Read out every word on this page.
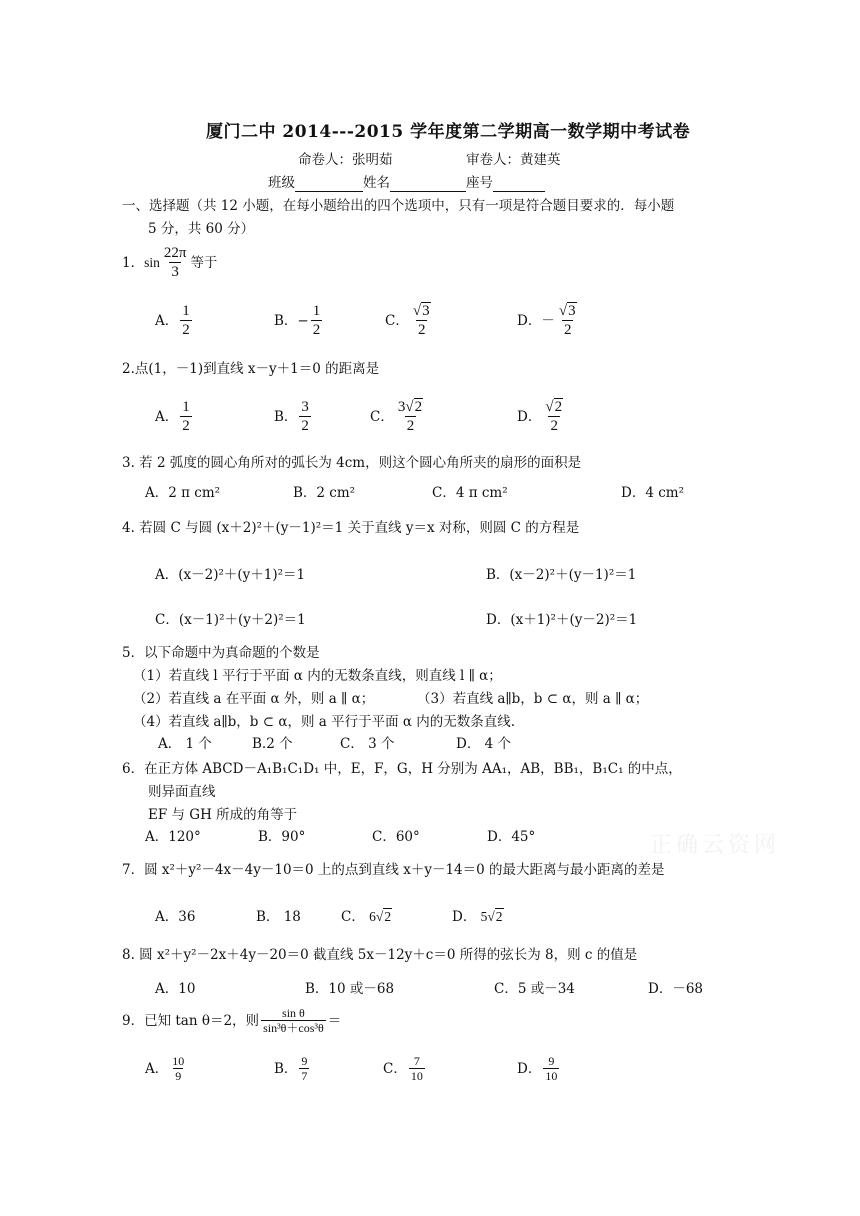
厦门二中 2014---2015 学年度第二学期高一数学期中考试卷
命卷人：张明茹	审卷人：黄建英
班级	姓名	座号
一、选择题（共 12 小题，在每小题给出的四个选项中，只有一项是符合题目要求的．每小题
5 分，共 60 分）
1． $\sin \frac{22\pi}{3}$ 等于
A． $\frac{1}{2}$	B．− $\frac{1}{2}$	C． $\frac{√3}{2}$	D．－ $\frac{√3}{2}$
2.点(1，－1)到直线 x－y＋1＝0 的距离是
A． $\frac{1}{2}$	B． $\frac{3}{2}$	C． $\frac{3√2}{2}$	D． $\frac{√2}{2}$
3. 若 2 弧度的圆心角所对的弧长为 4cm，则这个圆心角所夹的扇形的面积是
A．2 π cm²	B．2 cm²	C．4 π cm²	D．4 cm²
4. 若圆 C 与圆 (x＋2)²＋(y－1)²＝1 关于直线 y＝x 对称，则圆 C 的方程是
A．(x－2)²＋(y＋1)²＝1	B．(x－2)²＋(y－1)²＝1
C．(x－1)²＋(y＋2)²＝1	D．(x＋1)²＋(y－2)²＝1
5．以下命题中为真命题的个数是
（1）若直线 l 平行于平面 α 内的无数条直线，则直线 l ∥ α；
（2）若直线 a 在平面 α 外，则 a ∥ α；	（3）若直线 a∥b，b ⊂ α，则 a ∥ α；
（4）若直线 a∥b，b ⊂ α，则 a 平行于平面 α 内的无数条直线.
A． 1 个	B.2 个	C． 3 个	D． 4 个
6．在正方体 ABCD－A₁B₁C₁D₁ 中，E，F，G，H 分别为 AA₁，AB，BB₁，B₁C₁ 的中点，
则异面直线
EF 与 GH 所成的角等于
A．120°	B．90°	C．60°	D．45°	正确云资网
7．圆 x²＋y²－4x－4y－10＝0 上的点到直线 x＋y－14＝0 的最大距离与最小距离的差是
A．36	B． 18	C． 6√2	D． 5√2
8. 圆 x²＋y²－2x＋4y－20＝0 截直线 5x－12y＋c＝0 所得的弦长为 8，则 c 的值是
A．10	B．10 或－68	C．5 或－34	D．－68
9．已知 tan θ＝2，则 $\frac{\text{sin θ}}{\text{sin³θ＋cos³θ}}$ ＝
A． $\frac{10}{9}$	B． $\frac{9}{7}$	C． $\frac{7}{10}$	D． $\frac{9}{10}$
